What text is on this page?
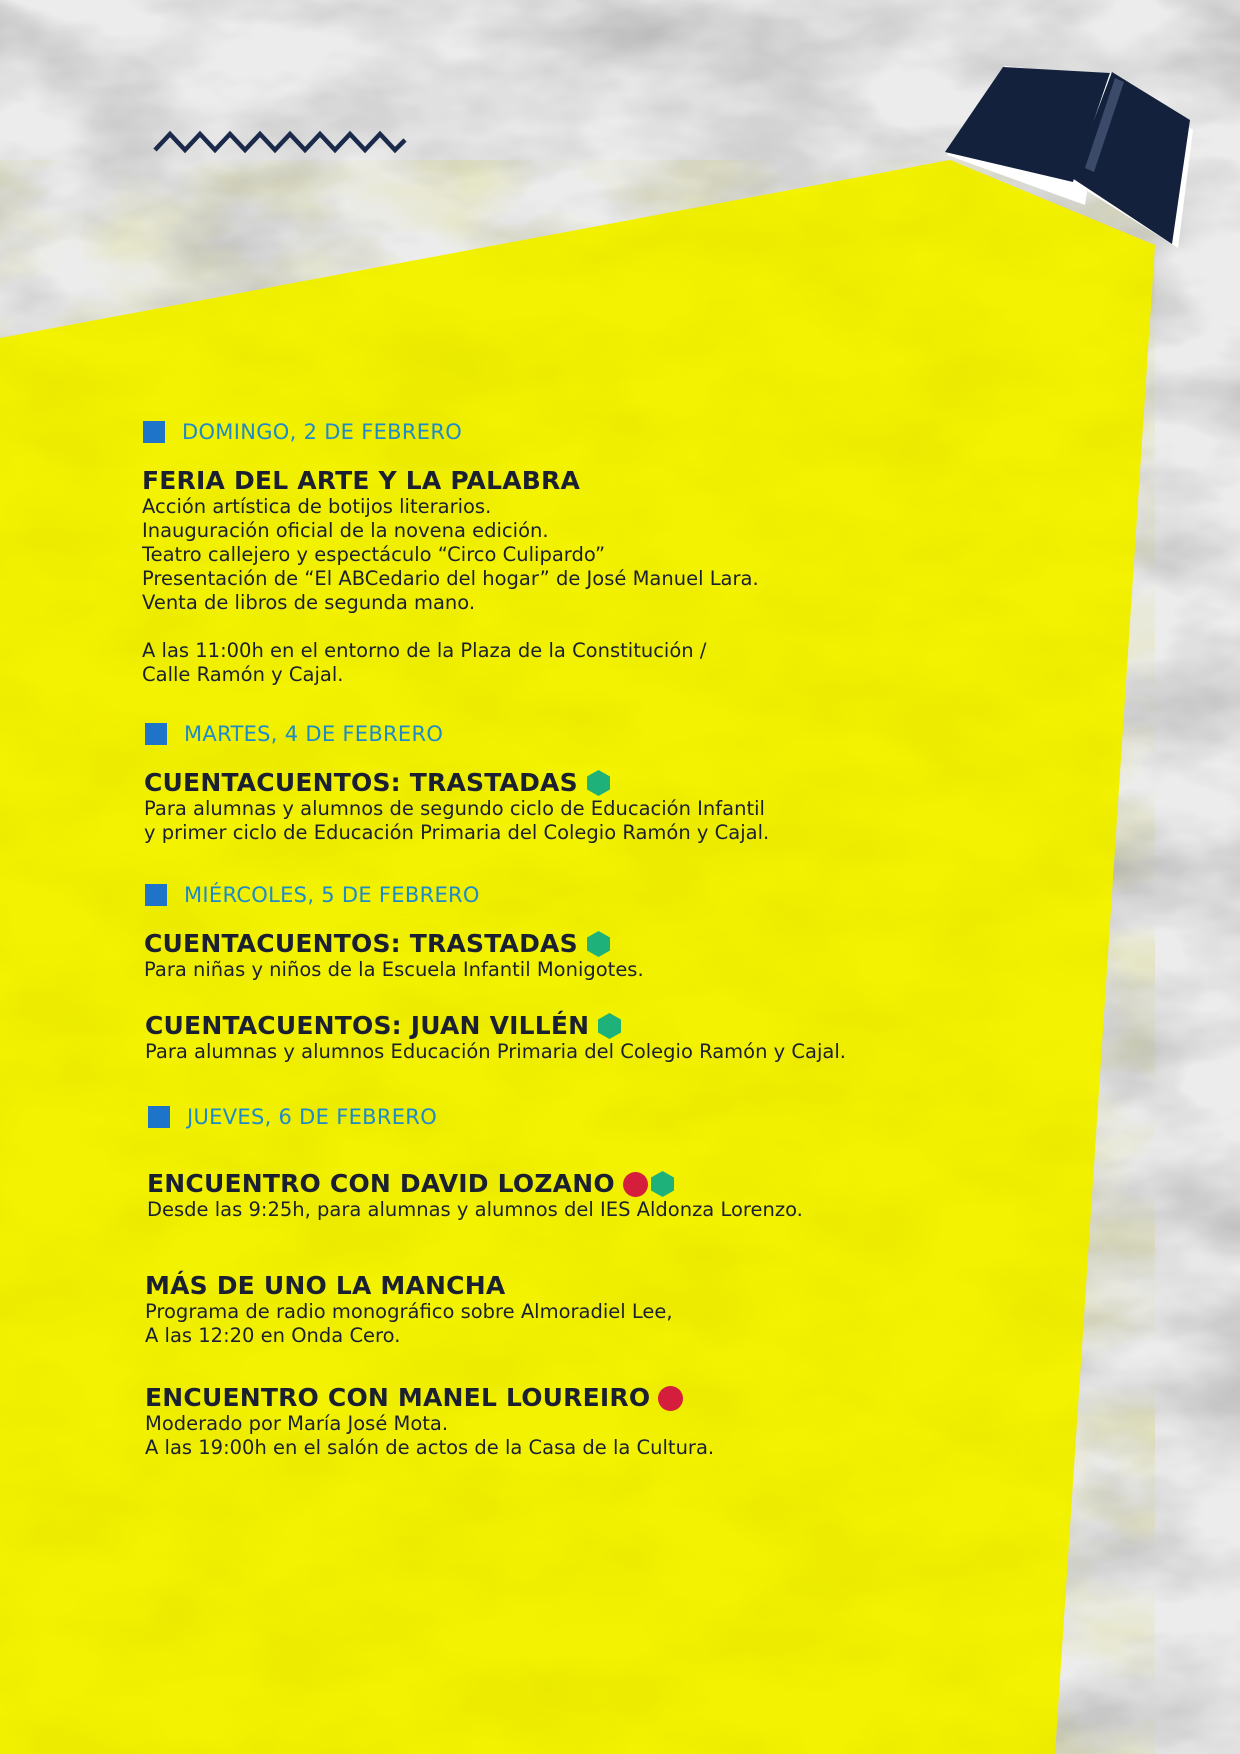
DOMINGO, 2 DE FEBRERO
FERIA DEL ARTE Y LA PALABRA

Acción artística de botijos literarios.

Inauguración oficial de la novena edición.

Teatro callejero y espectáculo “Circo Culipardo”

Presentación de “El ABCedario del hogar” de José Manuel Lara.

Venta de libros de segunda mano.

A las 11:00h en el entorno de la Plaza de la Constitución /

Calle Ramón y Cajal.

MARTES, 4 DE FEBRERO
CUENTACUENTOS: TRASTADAS

Para alumnas y alumnos de segundo ciclo de Educación Infantil

y primer ciclo de Educación Primaria del Colegio Ramón y Cajal.

MIÉRCOLES, 5 DE FEBRERO
CUENTACUENTOS: TRASTADAS

Para niñas y niños de la Escuela Infantil Monigotes.

CUENTACUENTOS: JUAN VILLÉN

Para alumnas y alumnos Educación Primaria del Colegio Ramón y Cajal.

JUEVES, 6 DE FEBRERO
ENCUENTRO CON DAVID LOZANO

Desde las 9:25h, para alumnas y alumnos del IES Aldonza Lorenzo.

MÁS DE UNO LA MANCHA

Programa de radio monográfico sobre Almoradiel Lee,

A las 12:20 en Onda Cero.

ENCUENTRO CON MANEL LOUREIRO

Moderado por María José Mota.

A las 19:00h en el salón de actos de la Casa de la Cultura.
